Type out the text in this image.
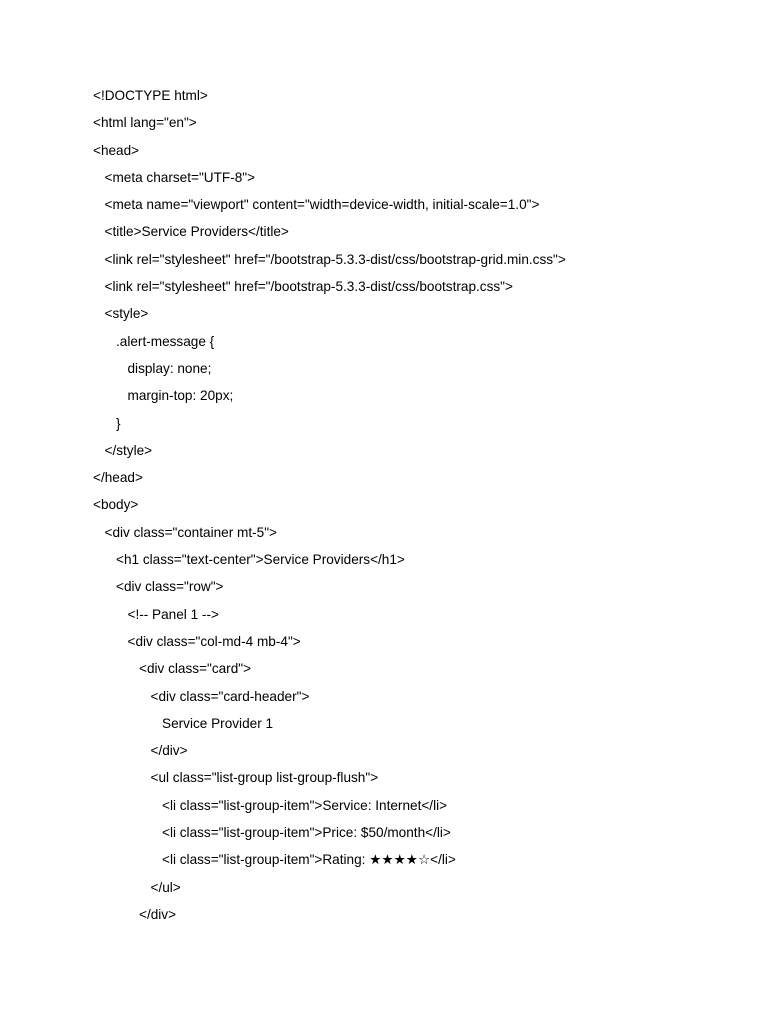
<!DOCTYPE html>
<html lang="en">
<head>
<meta charset="UTF-8">
<meta name="viewport" content="width=device-width, initial-scale=1.0">
<title>Service Providers</title>
<link rel="stylesheet" href="/bootstrap-5.3.3-dist/css/bootstrap-grid.min.css">
<link rel="stylesheet" href="/bootstrap-5.3.3-dist/css/bootstrap.css">
<style>
.alert-message {
display: none;
margin-top: 20px;
}
</style>
</head>
<body>
<div class="container mt-5">
<h1 class="text-center">Service Providers</h1>
<div class="row">
<!-- Panel 1 -->
<div class="col-md-4 mb-4">
<div class="card">
<div class="card-header">
Service Provider 1
</div>
<ul class="list-group list-group-flush">
<li class="list-group-item">Service: Internet</li>
<li class="list-group-item">Price: $50/month</li>
<li class="list-group-item">Rating: ★★★★☆</li>
</ul>
</div>
